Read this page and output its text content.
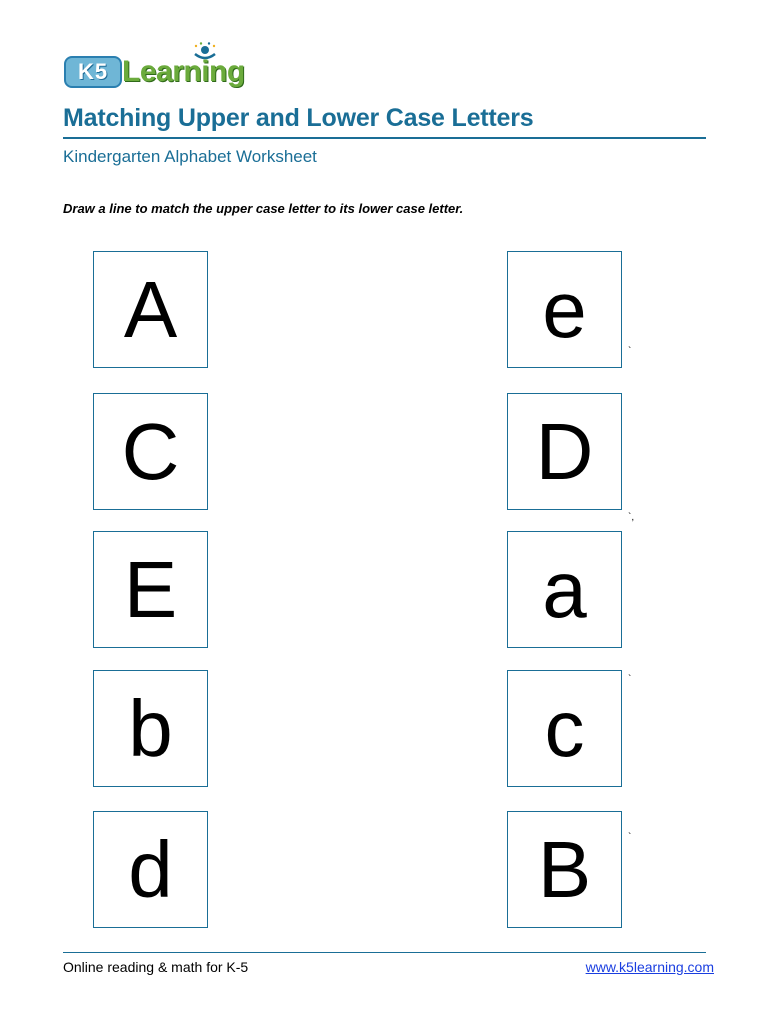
K5 Learning
Matching Upper and Lower Case Letters
Kindergarten Alphabet Worksheet
Draw a line to match the upper case letter to its lower case letter.
A
C
E
b
d
e
D
a
c
B
`
`,
`
`
Online reading & math for K-5	www.k5learning.com
